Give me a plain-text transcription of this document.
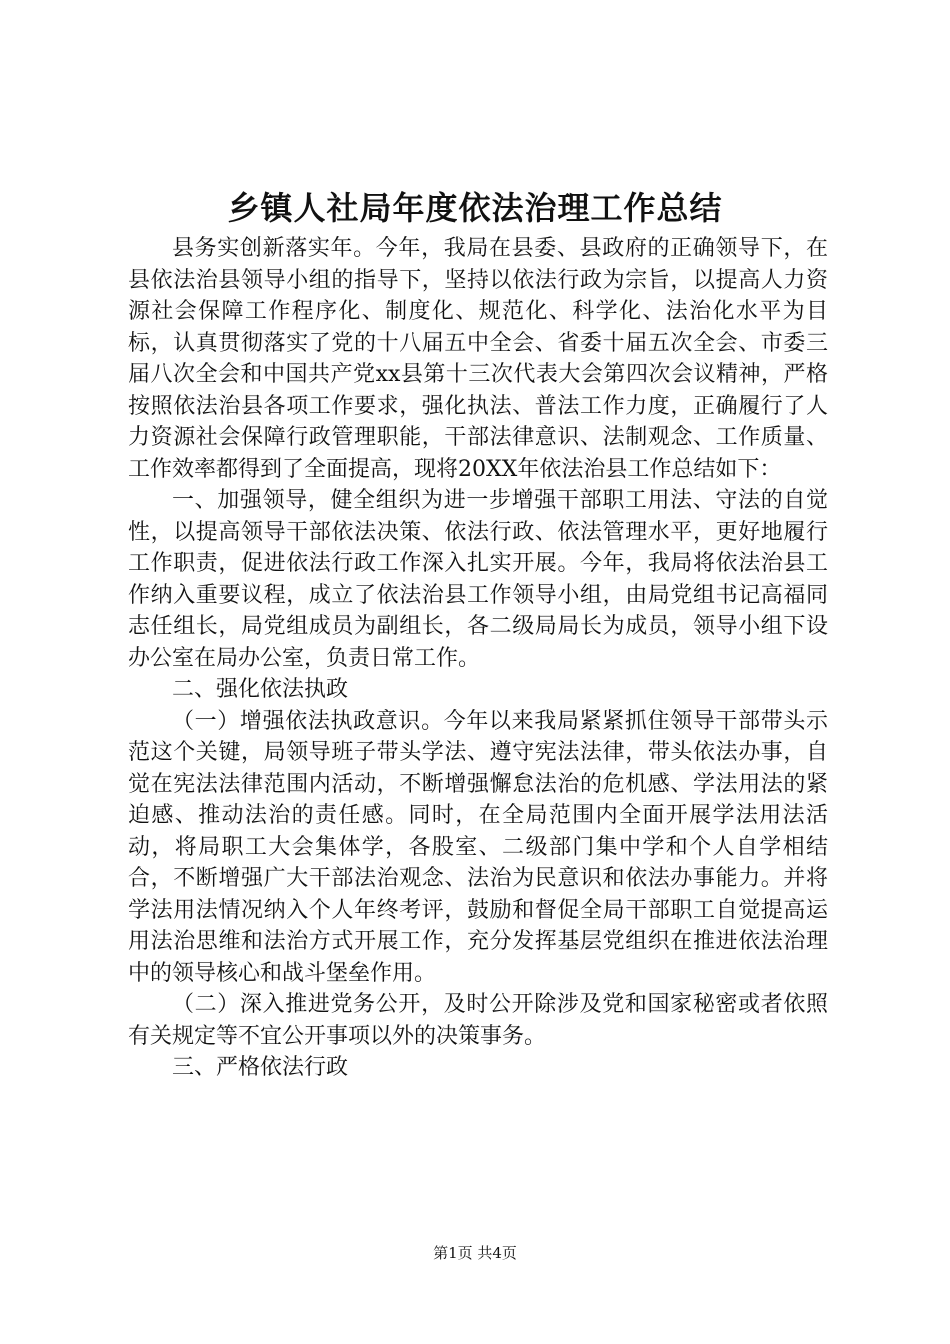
乡镇人社局年度依法治理工作总结

县务实创新落实年。今年，我局在县委、县政府的正确领导下，在县依法治县领导小组的指导下，坚持以依法行政为宗旨，以提高人力资源社会保障工作程序化、制度化、规范化、科学化、法治化水平为目标，认真贯彻落实了党的十八届五中全会、省委十届五次全会、市委三届八次全会和中国共产党xx县第十三次代表大会第四次会议精神，严格按照依法治县各项工作要求，强化执法、普法工作力度，正确履行了人力资源社会保障行政管理职能，干部法律意识、法制观念、工作质量、工作效率都得到了全面提高，现将20XX年依法治县工作总结如下：

一、加强领导，健全组织为进一步增强干部职工用法、守法的自觉性，以提高领导干部依法决策、依法行政、依法管理水平，更好地履行工作职责，促进依法行政工作深入扎实开展。今年，我局将依法治县工作纳入重要议程，成立了依法治县工作领导小组，由局党组书记高福同志任组长，局党组成员为副组长，各二级局局长为成员，领导小组下设办公室在局办公室，负责日常工作。

二、强化依法执政

（一）增强依法执政意识。今年以来我局紧紧抓住领导干部带头示范这个关键，局领导班子带头学法、遵守宪法法律，带头依法办事，自觉在宪法法律范围内活动，不断增强懈怠法治的危机感、学法用法的紧迫感、推动法治的责任感。同时，在全局范围内全面开展学法用法活动，将局职工大会集体学，各股室、二级部门集中学和个人自学相结合，不断增强广大干部法治观念、法治为民意识和依法办事能力。并将学法用法情况纳入个人年终考评，鼓励和督促全局干部职工自觉提高运用法治思维和法治方式开展工作，充分发挥基层党组织在推进依法治理中的领导核心和战斗堡垒作用。

（二）深入推进党务公开，及时公开除涉及党和国家秘密或者依照有关规定等不宜公开事项以外的决策事务。

三、严格依法行政

第1页 共4页
